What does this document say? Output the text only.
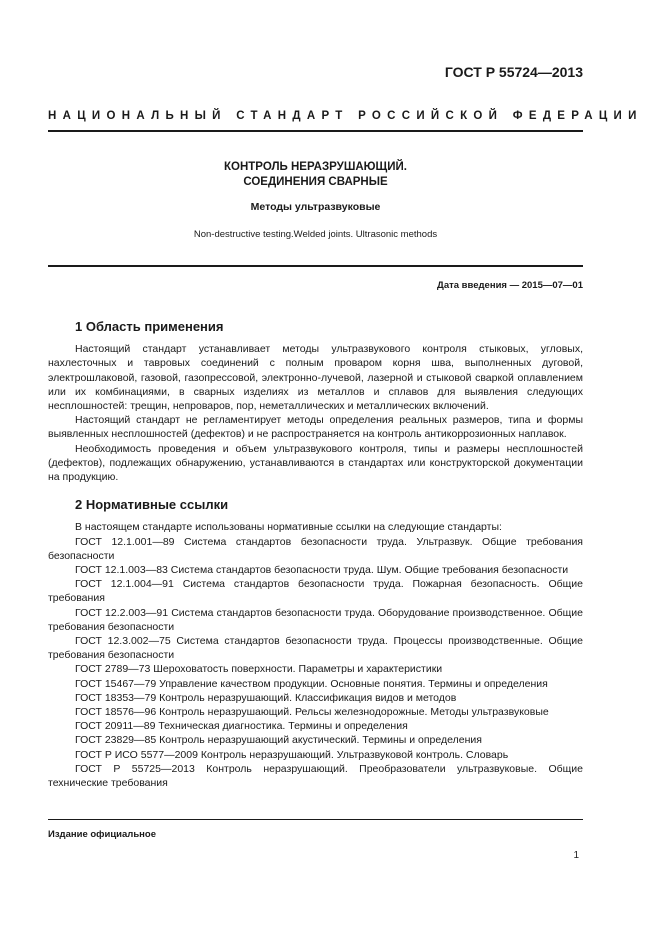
ГОСТ Р 55724—2013
НАЦИОНАЛЬНЫЙ СТАНДАРТ РОССИЙСКОЙ ФЕДЕРАЦИИ
КОНТРОЛЬ НЕРАЗРУШАЮЩИЙ.
СОЕДИНЕНИЯ СВАРНЫЕ
Методы ультразвуковые
Non-destructive testing.Welded joints. Ultrasonic methods
Дата введения — 2015—07—01
1 Область применения

Настоящий стандарт устанавливает методы ультразвукового контроля стыковых, угловых, нахлесточных и тавровых соединений с полным проваром корня шва, выполненных дуговой, электрошлаковой, газовой, газопрессовой, электронно-лучевой, лазерной и стыковой сваркой оплавлением или их комбинациями, в сварных изделиях из металлов и сплавов для выявления следующих несплошностей: трещин, непроваров, пор, неметаллических и металлических включений.

Настоящий стандарт не регламентирует методы определения реальных размеров, типа и формы выявленных несплошностей (дефектов) и не распространяется на контроль антикоррозионных наплавок.

Необходимость проведения и объем ультразвукового контроля, типы и размеры несплошностей (дефектов), подлежащих обнаружению, устанавливаются в стандартах или конструкторской документации на продукцию.

2 Нормативные ссылки

В настоящем стандарте использованы нормативные ссылки на следующие стандарты:

ГОСТ 12.1.001—89 Система стандартов безопасности труда. Ультразвук. Общие требования безопасности

ГОСТ 12.1.003—83 Система стандартов безопасности труда. Шум. Общие требования безопасности

ГОСТ 12.1.004—91 Система стандартов безопасности труда. Пожарная безопасность. Общие требования

ГОСТ 12.2.003—91 Система стандартов безопасности труда. Оборудование производственное. Общие требования безопасности

ГОСТ 12.3.002—75 Система стандартов безопасности труда. Процессы производственные. Общие требования безопасности

ГОСТ 2789—73 Шероховатость поверхности. Параметры и характеристики

ГОСТ 15467—79 Управление качеством продукции. Основные понятия. Термины и определения

ГОСТ 18353—79 Контроль неразрушающий. Классификация видов и методов

ГОСТ 18576—96 Контроль неразрушающий. Рельсы железнодорожные. Методы ультразвуковые

ГОСТ 20911—89 Техническая диагностика. Термины и определения

ГОСТ 23829—85 Контроль неразрушающий акустический. Термины и определения

ГОСТ Р ИСО 5577—2009 Контроль неразрушающий. Ультразвуковой контроль. Словарь

ГОСТ Р 55725—2013 Контроль неразрушающий. Преобразователи ультразвуковые. Общие технические требования

Издание официальное
1
